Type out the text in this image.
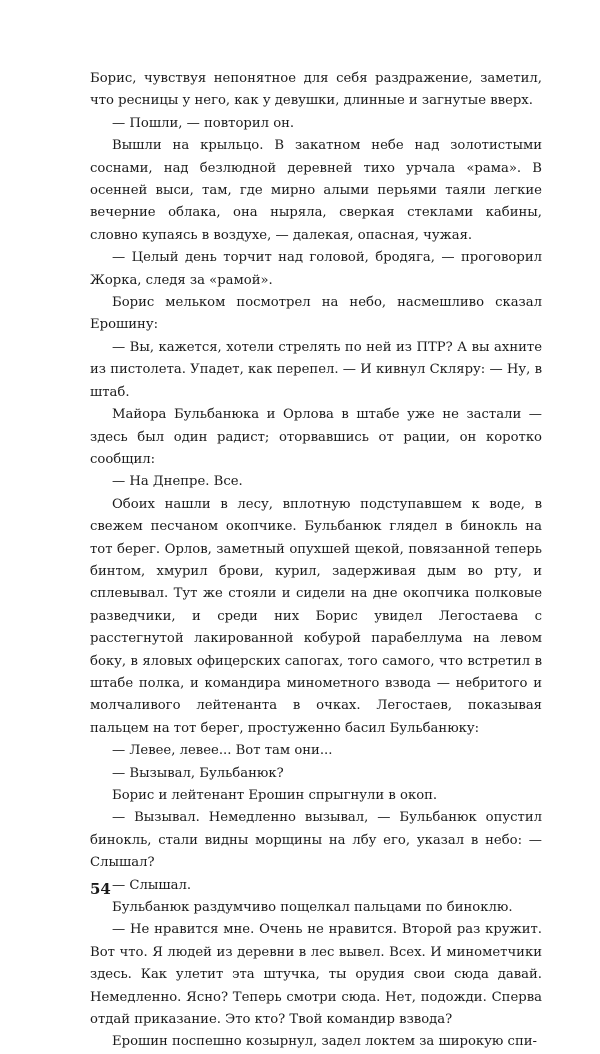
Борис, чувствуя непонятное для себя раздражение, заметил, что ресницы у него, как у девушки, длинные и загнутые вверх.

— Пошли, — повторил он.

Вышли на крыльцо. В закатном небе над золотистыми соснами, над безлюдной деревней тихо урчала «рама». В осенней выси, там, где мирно алыми перьями таяли легкие вечерние облака, она ныряла, сверкая стеклами кабины, словно купаясь в воздухе, — далекая, опасная, чужая.

— Целый день торчит над головой, бродяга, — проговорил Жорка, следя за «рамой».

Борис мельком посмотрел на небо, насмешливо сказал Ерошину:

— Вы, кажется, хотели стрелять по ней из ПТР? А вы ахните из пистолета. Упадет, как перепел. — И кивнул Скляру: — Ну, в штаб.

Майора Бульбанюка и Орлова в штабе уже не застали — здесь был один радист; оторвавшись от рации, он коротко сообщил:

— На Днепре. Все.

Обоих нашли в лесу, вплотную подступавшем к воде, в свежем песчаном окопчике. Бульбанюк глядел в бинокль на тот берег. Орлов, заметный опухшей щекой, повязанной теперь бинтом, хмурил брови, курил, задерживая дым во рту, и сплевывал. Тут же стояли и сидели на дне окопчика полковые разведчики, и среди них Борис увидел Легостаева с расстегнутой лакированной кобурой парабеллума на левом боку, в яловых офицерских сапогах, того самого, что встретил в штабе полка, и командира минометного взвода — небритого и молчаливого лейтенанта в очках. Легостаев, показывая пальцем на тот берег, простуженно басил Бульбанюку:

— Левее, левее... Вот там они...

— Вызывал, Бульбанюк?

Борис и лейтенант Ерошин спрыгнули в окоп.

— Вызывал. Немедленно вызывал, — Бульбанюк опустил бинокль, стали видны морщины на лбу его, указал в небо: — Слышал?

— Слышал.

Бульбанюк раздумчиво пощелкал пальцами по биноклю.

— Не нравится мне. Очень не нравится. Второй раз кружит. Вот что. Я людей из деревни в лес вывел. Всех. И минометчики здесь. Как улетит эта штучка, ты орудия свои сюда давай. Немедленно. Ясно? Теперь смотри сюда. Нет, подожди. Сперва отдай приказание. Это кто? Твой командир взвода?

Ерошин поспешно козырнул, задел локтем за широкую спи-

54
